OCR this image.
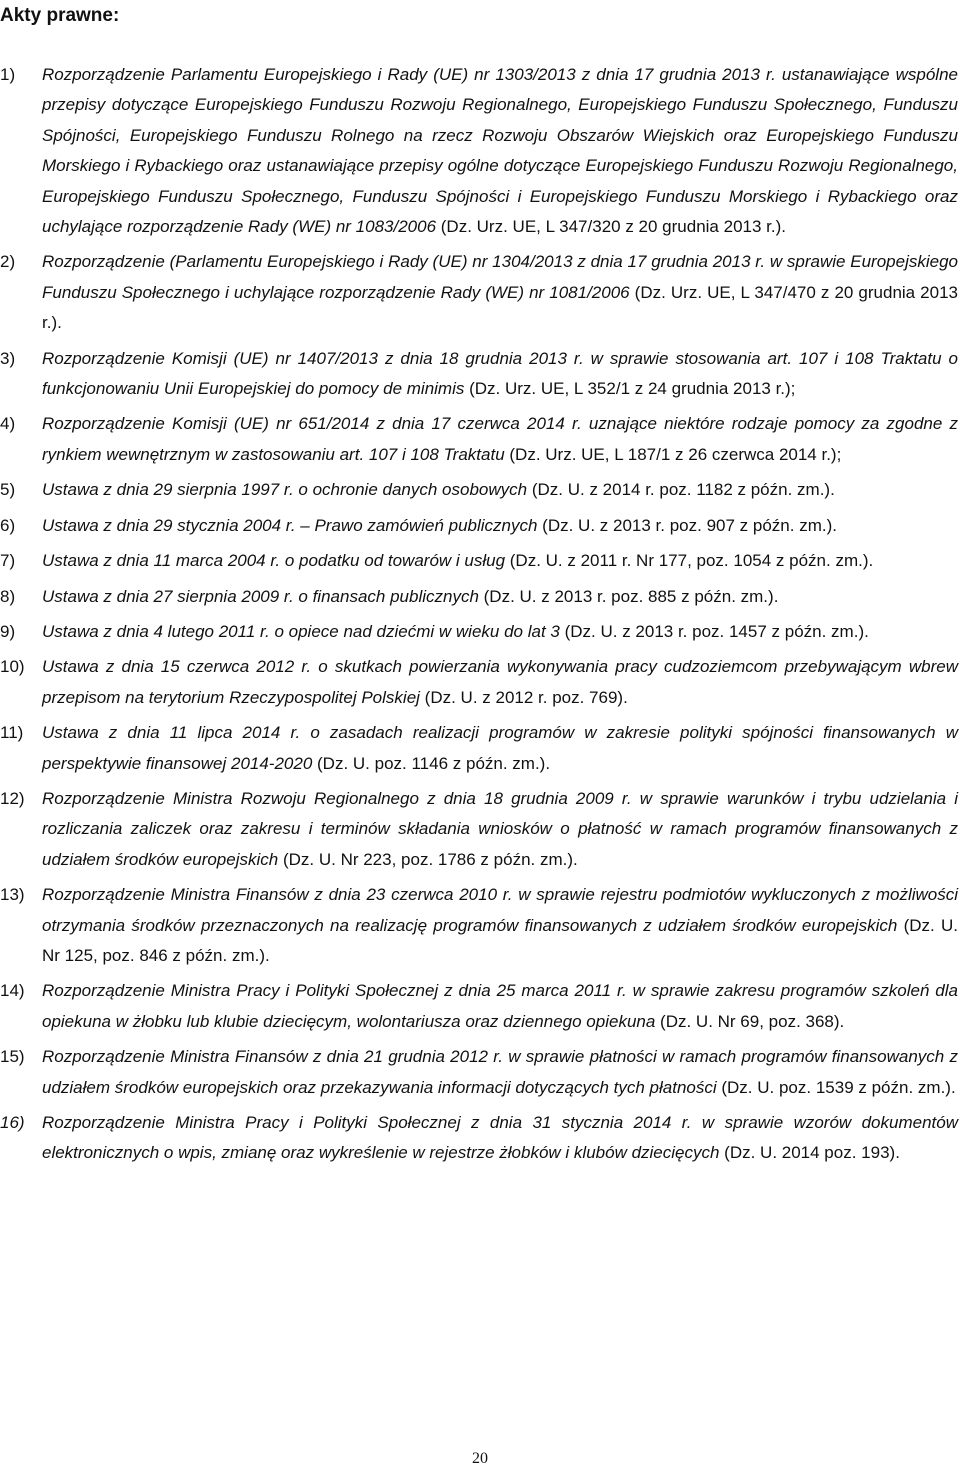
Akty prawne:
1) Rozporządzenie Parlamentu Europejskiego i Rady (UE) nr 1303/2013 z dnia 17 grudnia 2013 r. ustanawiające wspólne przepisy dotyczące Europejskiego Funduszu Rozwoju Regionalnego, Europejskiego Funduszu Społecznego, Funduszu Spójności, Europejskiego Funduszu Rolnego na rzecz Rozwoju Obszarów Wiejskich oraz Europejskiego Funduszu Morskiego i Rybackiego oraz ustanawiające przepisy ogólne dotyczące Europejskiego Funduszu Rozwoju Regionalnego, Europejskiego Funduszu Społecznego, Funduszu Spójności i Europejskiego Funduszu Morskiego i Rybackiego oraz uchylające rozporządzenie Rady (WE) nr 1083/2006 (Dz. Urz. UE, L 347/320 z 20 grudnia 2013 r.).
2) Rozporządzenie (Parlamentu Europejskiego i Rady (UE) nr 1304/2013 z dnia 17 grudnia 2013 r. w sprawie Europejskiego Funduszu Społecznego i uchylające rozporządzenie Rady (WE) nr 1081/2006 (Dz. Urz. UE, L 347/470 z 20 grudnia 2013 r.).
3) Rozporządzenie Komisji (UE) nr 1407/2013 z dnia 18 grudnia 2013 r. w sprawie stosowania art. 107 i 108 Traktatu o funkcjonowaniu Unii Europejskiej do pomocy de minimis (Dz. Urz. UE, L 352/1 z 24 grudnia 2013 r.);
4) Rozporządzenie Komisji (UE) nr 651/2014 z dnia 17 czerwca 2014 r. uznające niektóre rodzaje pomocy za zgodne z rynkiem wewnętrznym w zastosowaniu art. 107 i 108 Traktatu (Dz. Urz. UE, L 187/1 z 26 czerwca 2014 r.);
5) Ustawa z dnia 29 sierpnia 1997 r. o ochronie danych osobowych (Dz. U. z 2014 r. poz. 1182 z późn. zm.).
6) Ustawa z dnia 29 stycznia 2004 r. – Prawo zamówień publicznych (Dz. U. z 2013 r. poz. 907 z późn. zm.).
7) Ustawa z dnia 11 marca 2004 r. o podatku od towarów i usług (Dz. U. z 2011 r. Nr 177, poz. 1054 z późn. zm.).
8) Ustawa z dnia 27 sierpnia 2009 r. o finansach publicznych (Dz. U. z 2013 r. poz. 885 z późn. zm.).
9) Ustawa z dnia 4 lutego 2011 r. o opiece nad dziećmi w wieku do lat 3 (Dz. U. z 2013 r. poz. 1457 z późn. zm.).
10) Ustawa z dnia 15 czerwca 2012 r. o skutkach powierzania wykonywania pracy cudzoziemcom przebywającym wbrew przepisom na terytorium Rzeczypospolitej Polskiej (Dz. U. z 2012 r. poz. 769).
11) Ustawa z dnia 11 lipca 2014 r. o zasadach realizacji programów w zakresie polityki spójności finansowanych w perspektywie finansowej 2014-2020 (Dz. U. poz. 1146 z późn. zm.).
12) Rozporządzenie Ministra Rozwoju Regionalnego z dnia 18 grudnia 2009 r. w sprawie warunków i trybu udzielania i rozliczania zaliczek oraz zakresu i terminów składania wniosków o płatność w ramach programów finansowanych z udziałem środków europejskich (Dz. U. Nr 223, poz. 1786 z późn. zm.).
13) Rozporządzenie Ministra Finansów z dnia 23 czerwca 2010 r. w sprawie rejestru podmiotów wykluczonych z możliwości otrzymania środków przeznaczonych na realizację programów finansowanych z udziałem środków europejskich (Dz. U. Nr 125, poz. 846 z późn. zm.).
14) Rozporządzenie Ministra Pracy i Polityki Społecznej z dnia 25 marca 2011 r. w sprawie zakresu programów szkoleń dla opiekuna w żłobku lub klubie dziecięcym, wolontariusza oraz dziennego opiekuna (Dz. U. Nr 69, poz. 368).
15) Rozporządzenie Ministra Finansów z dnia 21 grudnia 2012 r. w sprawie płatności w ramach programów finansowanych z udziałem środków europejskich oraz przekazywania informacji dotyczących tych płatności (Dz. U. poz. 1539 z późn. zm.).
16) Rozporządzenie Ministra Pracy i Polityki Społecznej z dnia 31 stycznia 2014 r. w sprawie wzorów dokumentów elektronicznych o wpis, zmianę oraz wykreślenie w rejestrze żłobków i klubów dziecięcych (Dz. U. 2014 poz. 193).
20
